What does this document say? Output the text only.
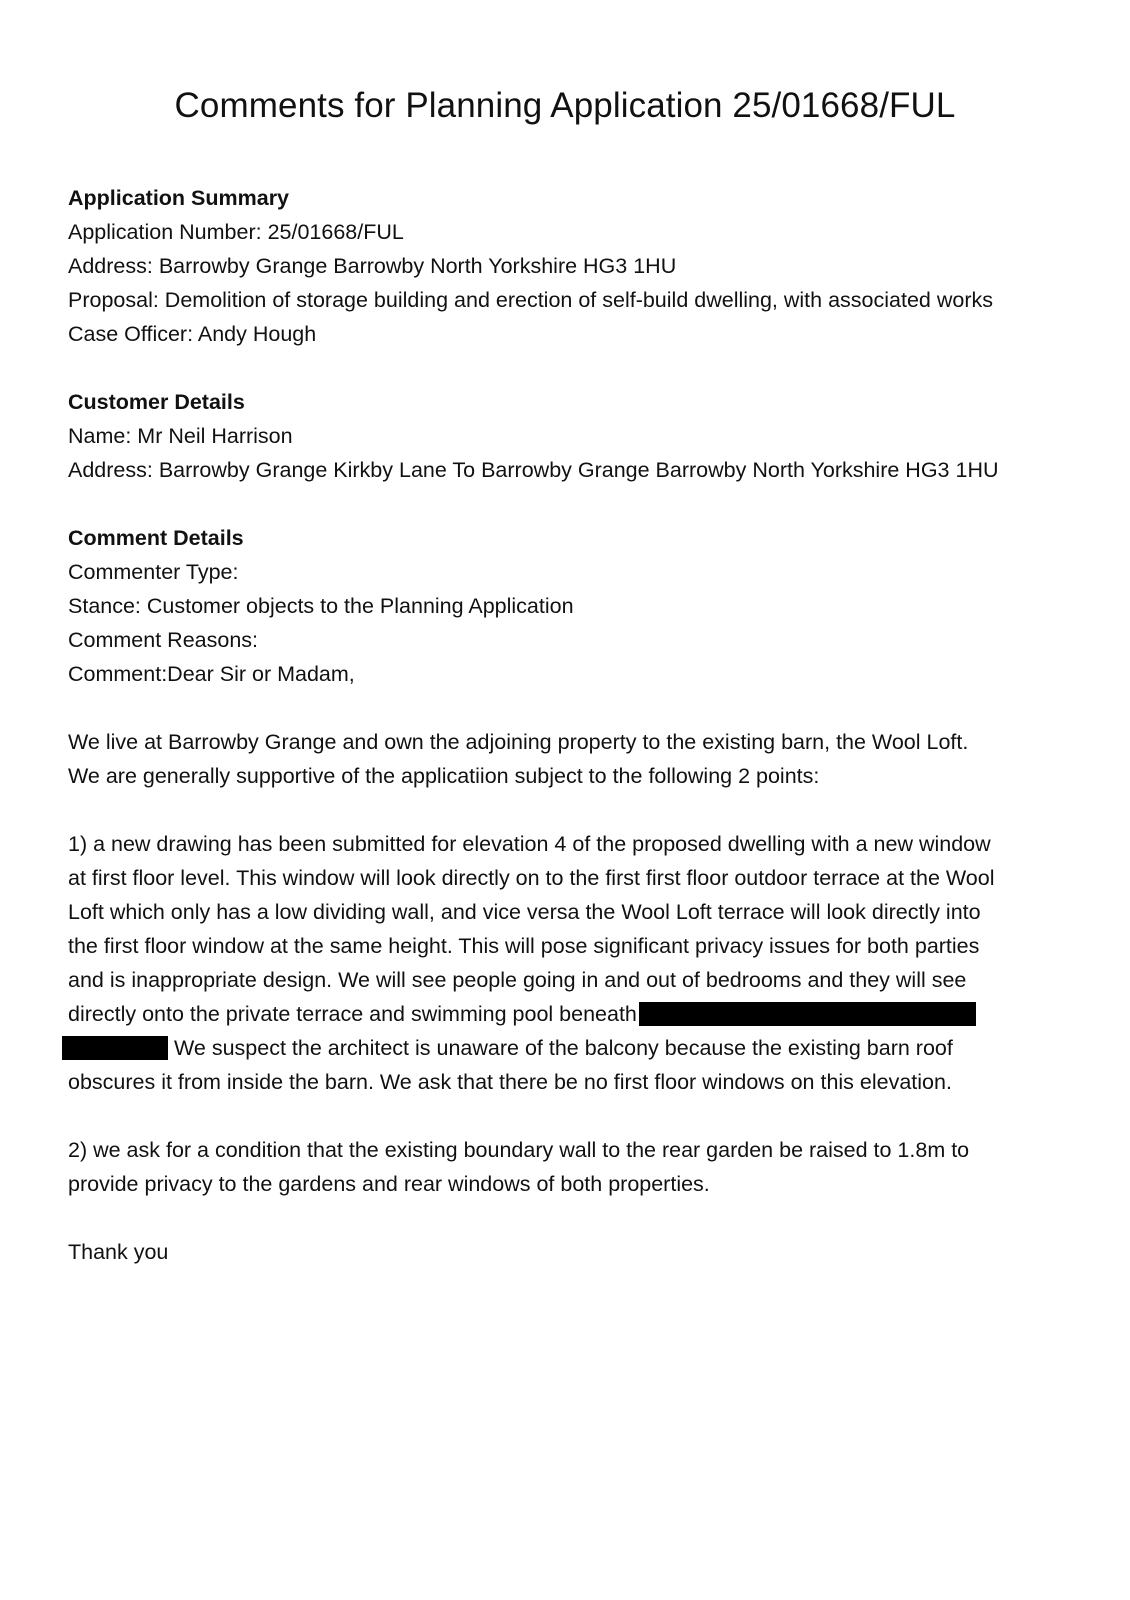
Comments for Planning Application 25/01668/FUL
Application Summary
Application Number: 25/01668/FUL
Address: Barrowby Grange Barrowby North Yorkshire HG3 1HU
Proposal: Demolition of storage building and erection of self-build dwelling, with associated works
Case Officer: Andy Hough
Customer Details
Name: Mr Neil Harrison
Address: Barrowby Grange Kirkby Lane To Barrowby Grange Barrowby North Yorkshire HG3 1HU
Comment Details
Commenter Type:
Stance: Customer objects to the Planning Application
Comment Reasons:
Comment:Dear Sir or Madam,
We live at Barrowby Grange and own the adjoining property to the existing barn, the Wool Loft.
We are generally supportive of the applicatiion subject to the following 2 points:
1) a new drawing has been submitted for elevation 4 of the proposed dwelling with a new window
at first floor level. This window will look directly on to the first first floor outdoor terrace at the Wool
Loft which only has a low dividing wall, and vice versa the Wool Loft terrace will look directly into
the first floor window at the same height. This will pose significant privacy issues for both parties
and is inappropriate design. We will see people going in and out of bedrooms and they will see
directly onto the private terrace and swimming pool beneath
We suspect the architect is unaware of the balcony because the existing barn roof
obscures it from inside the barn. We ask that there be no first floor windows on this elevation.
2) we ask for a condition that the existing boundary wall to the rear garden be raised to 1.8m to
provide privacy to the gardens and rear windows of both properties.
Thank you
